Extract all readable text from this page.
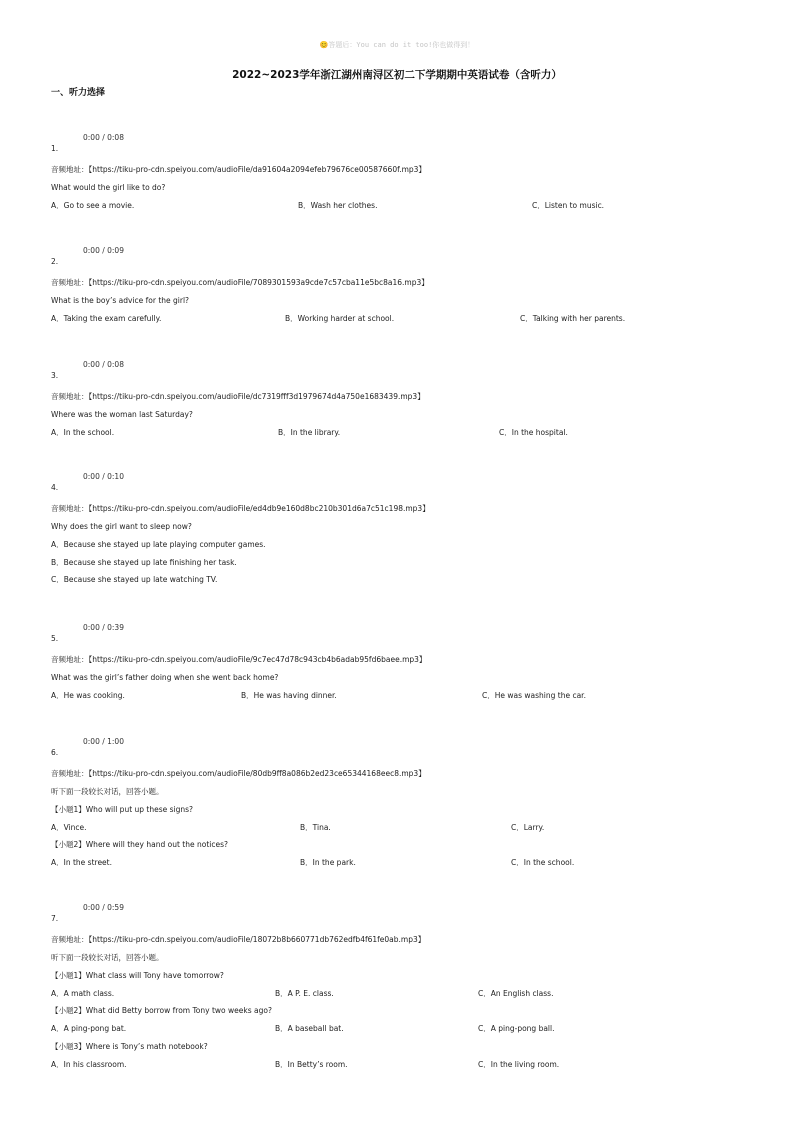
😊答题后：You can do it too!你也做得到！
2022~2023学年浙江湖州南浔区初二下学期期中英语试卷（含听力）
一、听力选择
0:00 / 0:08
1.
音频地址：【https://tiku-pro-cdn.speiyou.com/audioFile/da91604a2094efeb79676ce00587660f.mp3】
What would the girl like to do?
A．Go to see a movie.	B．Wash her clothes.	C．Listen to music.
0:00 / 0:09
2.
音频地址：【https://tiku-pro-cdn.speiyou.com/audioFile/7089301593a9cde7c57cba11e5bc8a16.mp3】
What is the boy’s advice for the girl?
A．Taking the exam carefully.	B．Working harder at school.	C．Talking with her parents.
0:00 / 0:08
3.
音频地址：【https://tiku-pro-cdn.speiyou.com/audioFile/dc7319fff3d1979674d4a750e1683439.mp3】
Where was the woman last Saturday?
A．In the school.	B．In the library.	C．In the hospital.
0:00 / 0:10
4.
音频地址：【https://tiku-pro-cdn.speiyou.com/audioFile/ed4db9e160d8bc210b301d6a7c51c198.mp3】
Why does the girl want to sleep now?
A．Because she stayed up late playing computer games.
B．Because she stayed up late finishing her task.
C．Because she stayed up late watching TV.
0:00 / 0:39
5.
音频地址：【https://tiku-pro-cdn.speiyou.com/audioFile/9c7ec47d78c943cb4b6adab95fd6baee.mp3】
What was the girl’s father doing when she went back home?
A．He was cooking.	B．He was having dinner.	C．He was washing the car.
0:00 / 1:00
6.
音频地址：【https://tiku-pro-cdn.speiyou.com/audioFile/80db9ff8a086b2ed23ce65344168eec8.mp3】
听下面一段较长对话，回答小题。
【小题1】Who will put up these signs?
A．Vince.	B．Tina.	C．Larry.
【小题2】Where will they hand out the notices?
A．In the street.	B．In the park.	C．In the school.
0:00 / 0:59
7.
音频地址：【https://tiku-pro-cdn.speiyou.com/audioFile/18072b8b660771db762edfb4f61fe0ab.mp3】
听下面一段较长对话，回答小题。
【小题1】What class will Tony have tomorrow?
A．A math class.	B．A P. E. class.	C．An English class.
【小题2】What did Betty borrow from Tony two weeks ago?
A．A ping-pong bat.	B．A baseball bat.	C．A ping-pong ball.
【小题3】Where is Tony’s math notebook?
A．In his classroom.	B．In Betty’s room.	C．In the living room.
